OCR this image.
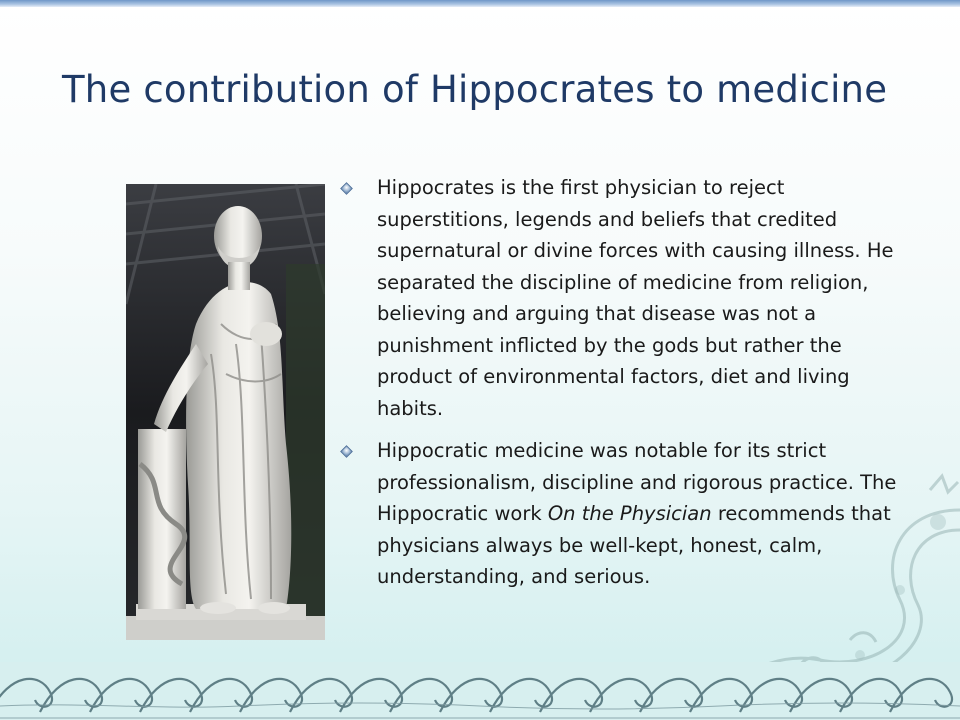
The contribution of Hippocrates to medicine
Hippocrates is the first physician to reject superstitions, legends and beliefs that credited supernatural or divine forces with causing illness. He separated the discipline of medicine from religion, believing and arguing that disease was not a punishment inflicted by the gods but rather the product of environmental factors, diet and living habits.
Hippocratic medicine was notable for its strict professionalism, discipline and rigorous practice. The Hippocratic work On the Physician recommends that physicians always be well-kept, honest, calm, understanding, and serious.
